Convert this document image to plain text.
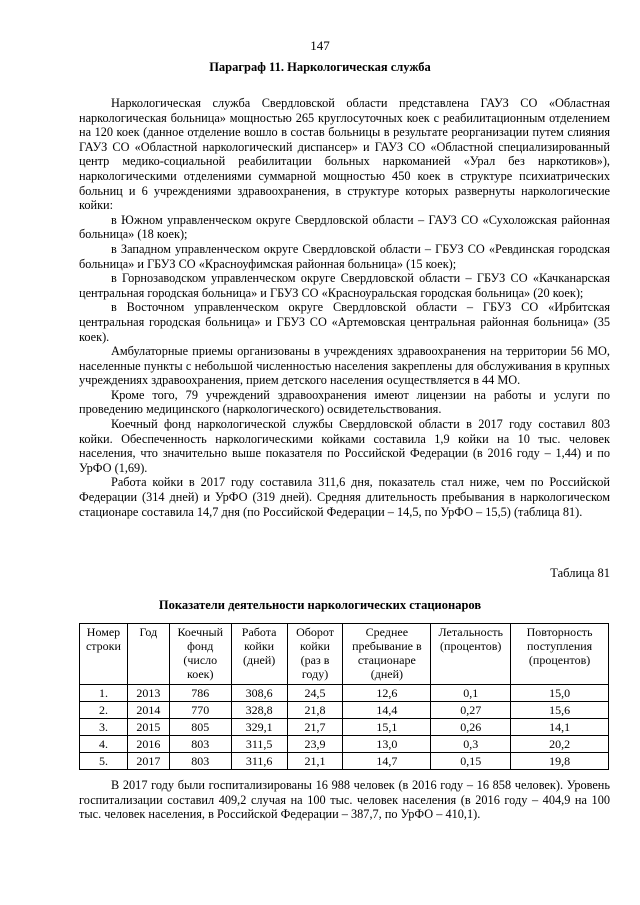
147
Параграф 11. Наркологическая служба

Наркологическая служба Свердловской области представлена ГАУЗ СО «Областная наркологическая больница» мощностью 265 круглосуточных коек с реабилитационным отделением на 120 коек (данное отделение вошло в состав больницы в результате реорганизации путем слияния ГАУЗ СО «Областной наркологический диспансер» и ГАУЗ СО «Областной специализированный центр медико-социальной реабилитации больных наркоманией «Урал без наркотиков»), наркологическими отделениями суммарной мощностью 450 коек в структуре психиатрических больниц и 6 учреждениями здравоохранения, в структуре которых развернуты наркологические койки:

в Южном управленческом округе Свердловской области – ГАУЗ СО «Сухоложская районная больница» (18 коек);

в Западном управленческом округе Свердловской области – ГБУЗ СО «Ревдинская городская больница» и ГБУЗ СО «Красноуфимская районная больница» (15 коек);

в Горнозаводском управленческом округе Свердловской области – ГБУЗ СО «Качканарская центральная городская больница» и ГБУЗ СО «Красноуральская городская больница» (20 коек);

в Восточном управленческом округе Свердловской области – ГБУЗ СО «Ирбитская центральная городская больница» и ГБУЗ СО «Артемовская центральная районная больница» (35 коек).

Амбулаторные приемы организованы в учреждениях здравоохранения на территории 56 МО, населенные пункты с небольшой численностью населения закреплены для обслуживания в крупных учреждениях здравоохранения, прием детского населения осуществляется в 44 МО.

Кроме того, 79 учреждений здравоохранения имеют лицензии на работы и услуги по проведению медицинского (наркологического) освидетельствования.

Коечный фонд наркологической службы Свердловской области в 2017 году составил 803 койки. Обеспеченность наркологическими койками составила 1,9 койки на 10 тыс. человек населения, что значительно выше показателя по Российской Федерации (в 2016 году – 1,44) и по УрФО (1,69).

Работа койки в 2017 году составила 311,6 дня, показатель стал ниже, чем по Российской Федерации (314 дней) и УрФО (319 дней). Средняя длительность пребывания в наркологическом стационаре составила 14,7 дня (по Российской Федерации – 14,5, по УрФО – 15,5) (таблица 81).

Таблица 81
Показатели деятельности наркологических стационаров
Номер строки	Год	Коечный фонд (число коек)	Работа койки (дней)	Оборот койки (раз в году)	Среднее пребывание в стационаре (дней)	Летальность (процентов)	Повторность поступления (процентов)
1.	2013	786	308,6	24,5	12,6	0,1	15,0
2.	2014	770	328,8	21,8	14,4	0,27	15,6
3.	2015	805	329,1	21,7	15,1	0,26	14,1
4.	2016	803	311,5	23,9	13,0	0,3	20,2
5.	2017	803	311,6	21,1	14,7	0,15	19,8

В 2017 году были госпитализированы 16 988 человек (в 2016 году – 16 858 человек). Уровень госпитализации составил 409,2 случая на 100 тыс. человек населения (в 2016 году – 404,9 на 100 тыс. человек населения, в Российской Федерации – 387,7, по УрФО – 410,1).
